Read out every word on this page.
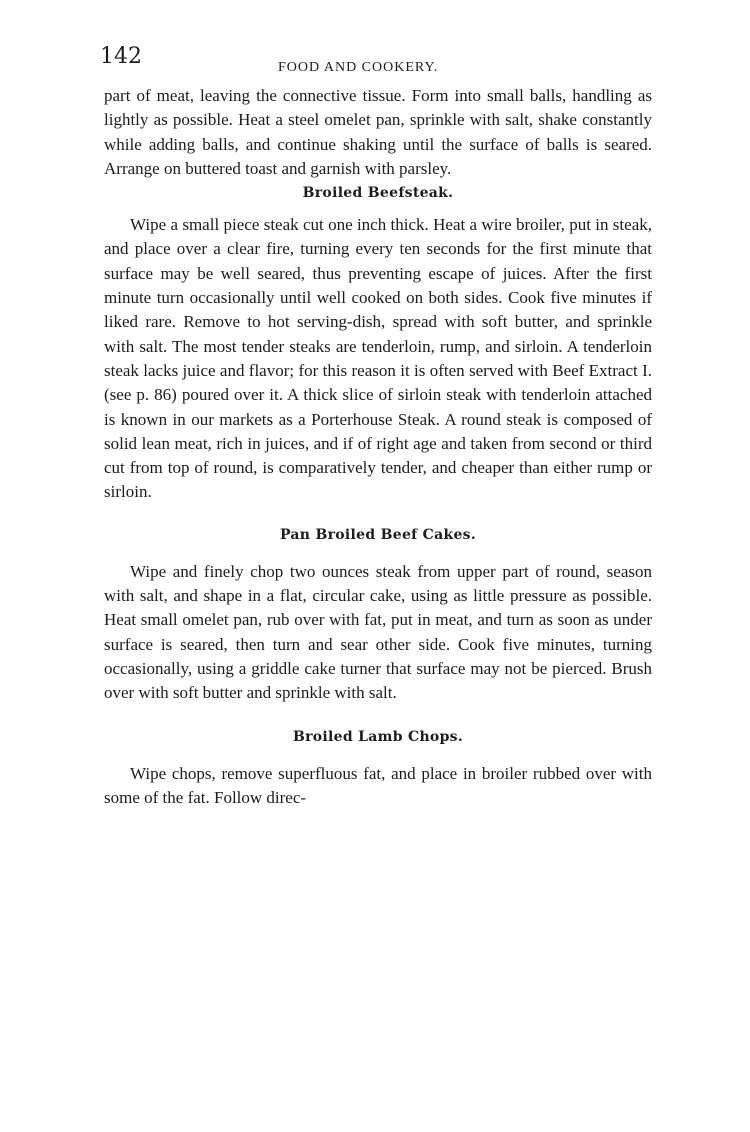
142	FOOD AND COOKERY.

part of meat, leaving the connective tissue. Form into small balls, handling as lightly as possible. Heat a steel omelet pan, sprinkle with salt, shake constantly while adding balls, and continue shaking until the surface of balls is seared. Arrange on buttered toast and garnish with parsley.

Broiled Beefsteak.

Wipe a small piece steak cut one inch thick. Heat a wire broiler, put in steak, and place over a clear fire, turning every ten seconds for the first minute that surface may be well seared, thus preventing escape of juices. After the first minute turn occasionally until well cooked on both sides. Cook five minutes if liked rare. Remove to hot serving-dish, spread with soft butter, and sprinkle with salt. The most tender steaks are tenderloin, rump, and sirloin. A tenderloin steak lacks juice and flavor; for this reason it is often served with Beef Extract I. (see p. 86) poured over it. A thick slice of sirloin steak with tenderloin attached is known in our markets as a Porterhouse Steak. A round steak is composed of solid lean meat, rich in juices, and if of right age and taken from second or third cut from top of round, is comparatively tender, and cheaper than either rump or sirloin.

Pan Broiled Beef Cakes.

Wipe and finely chop two ounces steak from upper part of round, season with salt, and shape in a flat, circular cake, using as little pressure as possible. Heat small omelet pan, rub over with fat, put in meat, and turn as soon as under surface is seared, then turn and sear other side. Cook five minutes, turning occasionally, using a griddle cake turner that surface may not be pierced. Brush over with soft butter and sprinkle with salt.

Broiled Lamb Chops.

Wipe chops, remove superfluous fat, and place in broiler rubbed over with some of the fat. Follow direc-
